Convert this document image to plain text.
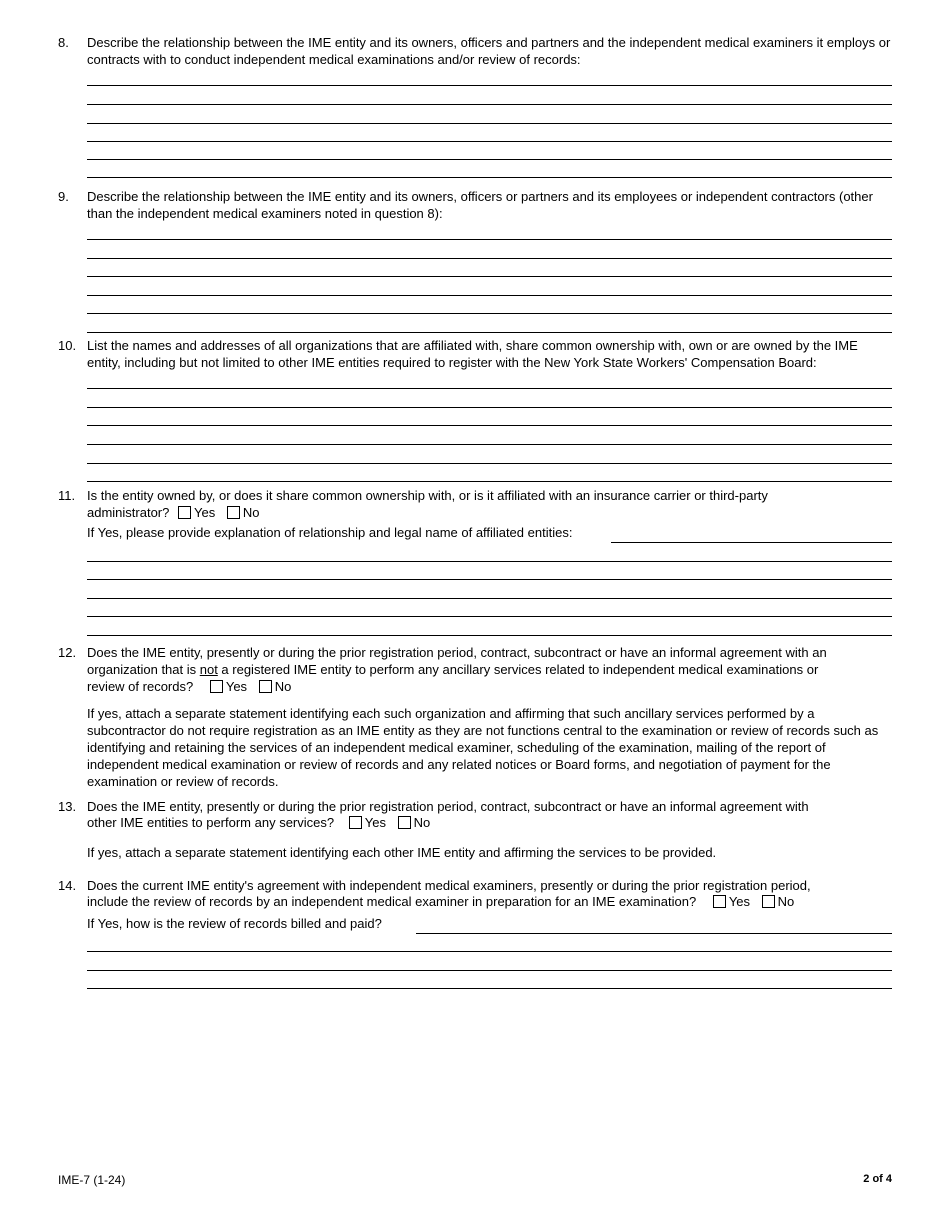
8. Describe the relationship between the IME entity and its owners, officers and partners and the independent medical examiners it employs or contracts with to conduct independent medical examinations and/or review of records:
9. Describe the relationship between the IME entity and its owners, officers or partners and its employees or independent contractors (other than the independent medical examiners noted in question 8):
10. List the names and addresses of all organizations that are affiliated with, share common ownership with, own or are owned by the IME entity, including but not limited to other IME entities required to register with the New York State Workers' Compensation Board:
11. Is the entity owned by, or does it share common ownership with, or is it affiliated with an insurance carrier or third-party
administrator? Yes No
If Yes, please provide explanation of relationship and legal name of affiliated entities:
12. Does the IME entity, presently or during the prior registration period, contract, subcontract or have an informal agreement with an
organization that is not a registered IME entity to perform any ancillary services related to independent medical examinations or
review of records?	Yes No
If yes, attach a separate statement identifying each such organization and affirming that such ancillary services performed by a subcontractor do not require registration as an IME entity as they are not functions central to the examination or review of records such as identifying and retaining the services of an independent medical examiner, scheduling of the examination, mailing of the report of independent medical examination or review of records and any related notices or Board forms, and negotiation of payment for the examination or review of records.
13. Does the IME entity, presently or during the prior registration period, contract, subcontract or have an informal agreement with
other IME entities to perform any services? Yes No
If yes, attach a separate statement identifying each other IME entity and affirming the services to be provided.
14. Does the current IME entity's agreement with independent medical examiners, presently or during the prior registration period,
include the review of records by an independent medical examiner in preparation for an IME examination?	Yes No
If Yes, how is the review of records billed and paid?
IME-7 (1-24)	2 of 4
